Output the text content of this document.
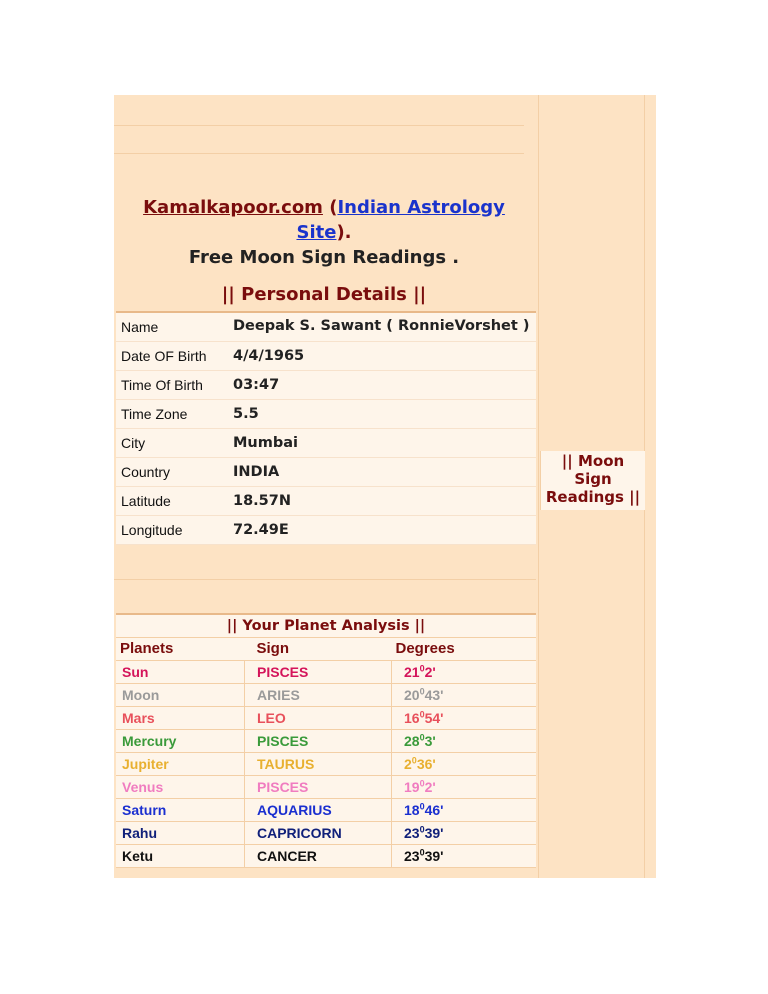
Kamalkapoor.com (Indian Astrology Site).
Free Moon Sign Readings .
|| Personal Details ||
Name	Deepak S. Sawant ( RonnieVorshet )
Date OF Birth	4/4/1965
Time Of Birth	03:47
Time Zone	5.5
City	Mumbai
Country	INDIA
Latitude	18.57N
Longitude	72.49E
|| Moon Sign Readings ||
|| Your Planet Analysis ||
Planets	Sign	Degrees
Sun	PISCES	$21^02'$
Moon	ARIES	$20^043'$
Mars	LEO	$16^054'$
Mercury	PISCES	$28^03'$
Jupiter	TAURUS	$2^036'$
Venus	PISCES	$19^02'$
Saturn	AQUARIUS	$18^046'$
Rahu	CAPRICORN	$23^039'$
Ketu	CANCER	$23^039'$
